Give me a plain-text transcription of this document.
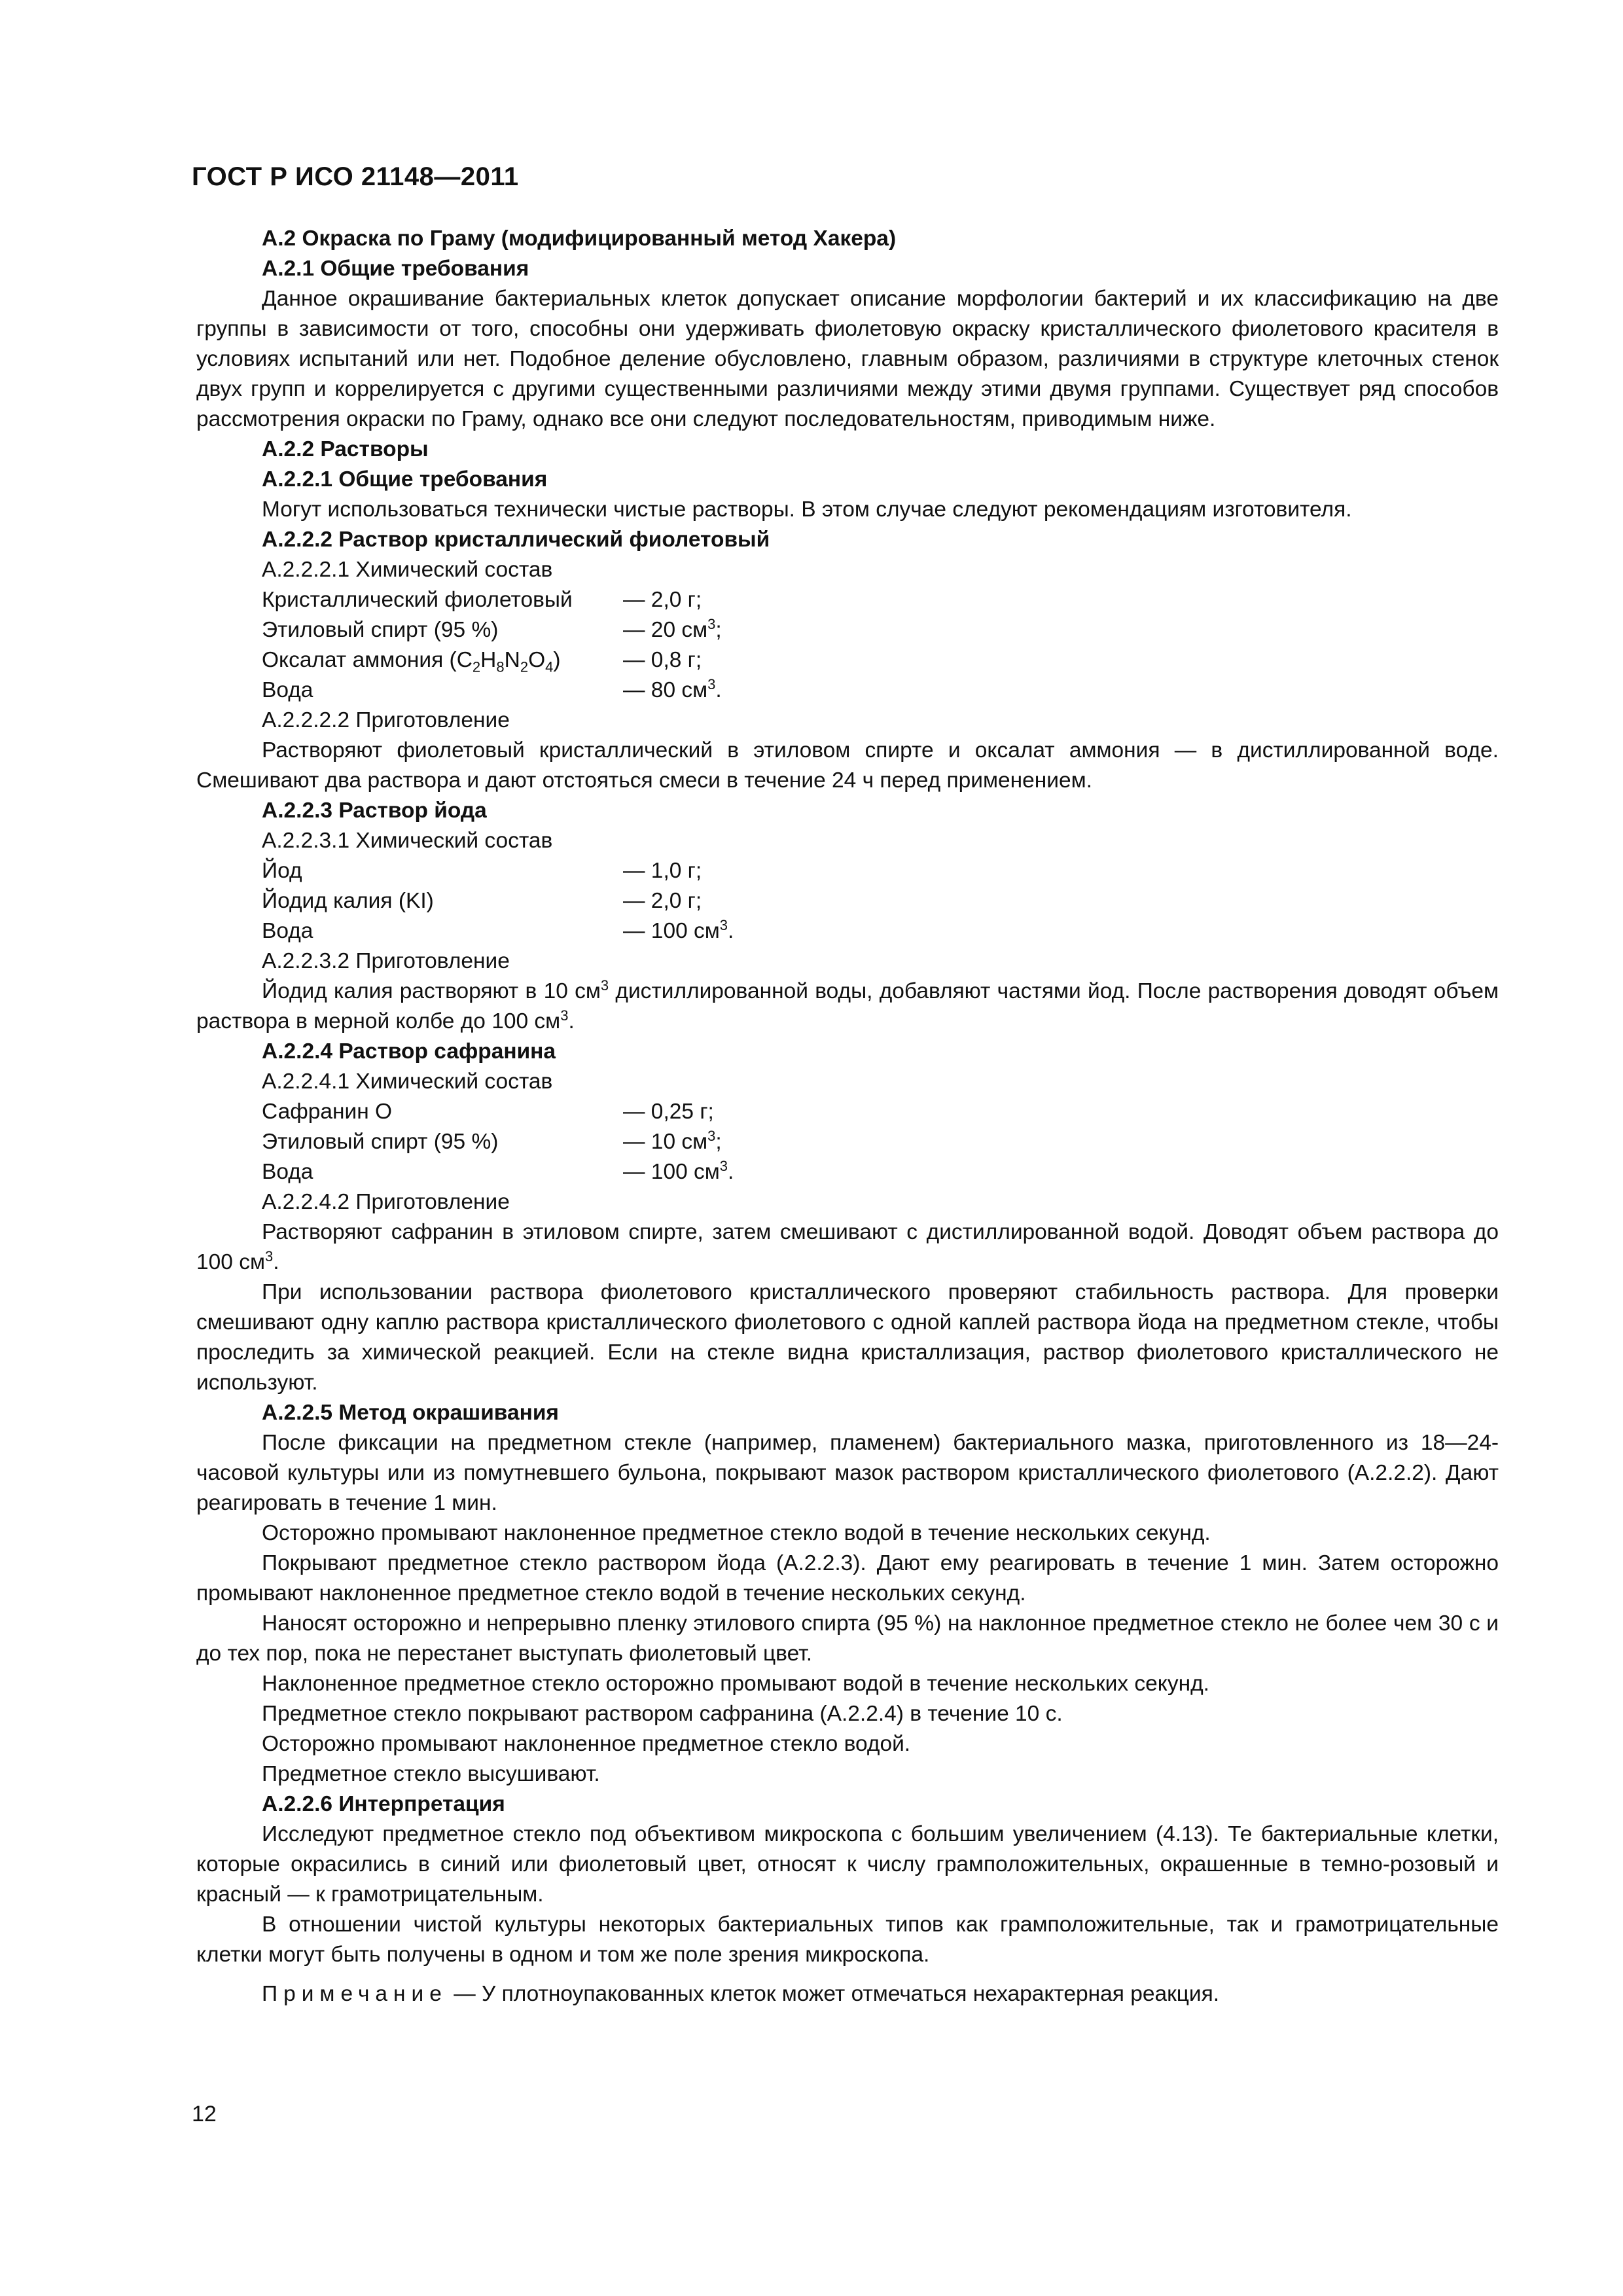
ГОСТ Р ИСО 21148—2011

А.2 Окраска по Граму (модифицированный метод Хакера)

А.2.1 Общие требования

Данное окрашивание бактериальных клеток допускает описание морфологии бактерий и их классификацию на две группы в зависимости от того, способны они удерживать фиолетовую окраску кристаллического фиолетового красителя в условиях испытаний или нет. Подобное деление обусловлено, главным образом, различиями в структуре клеточных стенок двух групп и коррелируется с другими существенными различиями между этими двумя группами. Существует ряд способов рассмотрения окраски по Граму, однако все они следуют последовательностям, приводимым ниже.

А.2.2 Растворы

А.2.2.1 Общие требования

Могут использоваться технически чистые растворы. В этом случае следуют рекомендациям изготовителя.

А.2.2.2 Раствор кристаллический фиолетовый

А.2.2.2.1 Химический состав

Кристаллический фиолетовый	— 2,0 г;

Этиловый спирт (95 %)	— 20 $см^3$;

Оксалат аммония $(C_2H_8N_2O_4)$	— 0,8 г;

Вода	— 80 $см^3$.

А.2.2.2.2 Приготовление

Растворяют фиолетовый кристаллический в этиловом спирте и оксалат аммония — в дистиллированной воде. Смешивают два раствора и дают отстояться смеси в течение 24 ч перед применением.

А.2.2.3 Раствор йода

А.2.2.3.1 Химический состав

Йод	— 1,0 г;

Йодид калия (KI)	— 2,0 г;

Вода	— 100 $см^3$.

А.2.2.3.2 Приготовление

Йодид калия растворяют в 10 $см^3$ дистиллированной воды, добавляют частями йод. После растворения доводят объем раствора в мерной колбе до 100 $см^3$.

А.2.2.4 Раствор сафранина

А.2.2.4.1 Химический состав

Сафранин О	— 0,25 г;

Этиловый спирт (95 %)	— 10 $см^3$;

Вода	— 100 $см^3$.

А.2.2.4.2 Приготовление

Растворяют сафранин в этиловом спирте, затем смешивают с дистиллированной водой. Доводят объем раствора до 100 $см^3$.

При использовании раствора фиолетового кристаллического проверяют стабильность раствора. Для проверки смешивают одну каплю раствора кристаллического фиолетового с одной каплей раствора йода на предметном стекле, чтобы проследить за химической реакцией. Если на стекле видна кристаллизация, раствор фиолетового кристаллического не используют.

А.2.2.5 Метод окрашивания

После фиксации на предметном стекле (например, пламенем) бактериального мазка, приготовленного из 18—24-часовой культуры или из помутневшего бульона, покрывают мазок раствором кристаллического фиолетового (А.2.2.2). Дают реагировать в течение 1 мин.

Осторожно промывают наклоненное предметное стекло водой в течение нескольких секунд.

Покрывают предметное стекло раствором йода (А.2.2.3). Дают ему реагировать в течение 1 мин. Затем осторожно промывают наклоненное предметное стекло водой в течение нескольких секунд.

Наносят осторожно и непрерывно пленку этилового спирта (95 %) на наклонное предметное стекло не более чем 30 с и до тех пор, пока не перестанет выступать фиолетовый цвет.

Наклоненное предметное стекло осторожно промывают водой в течение нескольких секунд.

Предметное стекло покрывают раствором сафранина (А.2.2.4) в течение 10 с.

Осторожно промывают наклоненное предметное стекло водой.

Предметное стекло высушивают.

А.2.2.6 Интерпретация

Исследуют предметное стекло под объективом микроскопа с большим увеличением (4.13). Те бактериальные клетки, которые окрасились в синий или фиолетовый цвет, относят к числу грамположительных, окрашенные в темно-розовый и красный — к грамотрицательным.

В отношении чистой культуры некоторых бактериальных типов как грамположительные, так и грамотрицательные клетки могут быть получены в одном и том же поле зрения микроскопа.

Примечание — У плотноупакованных клеток может отмечаться нехарактерная реакция.

12
